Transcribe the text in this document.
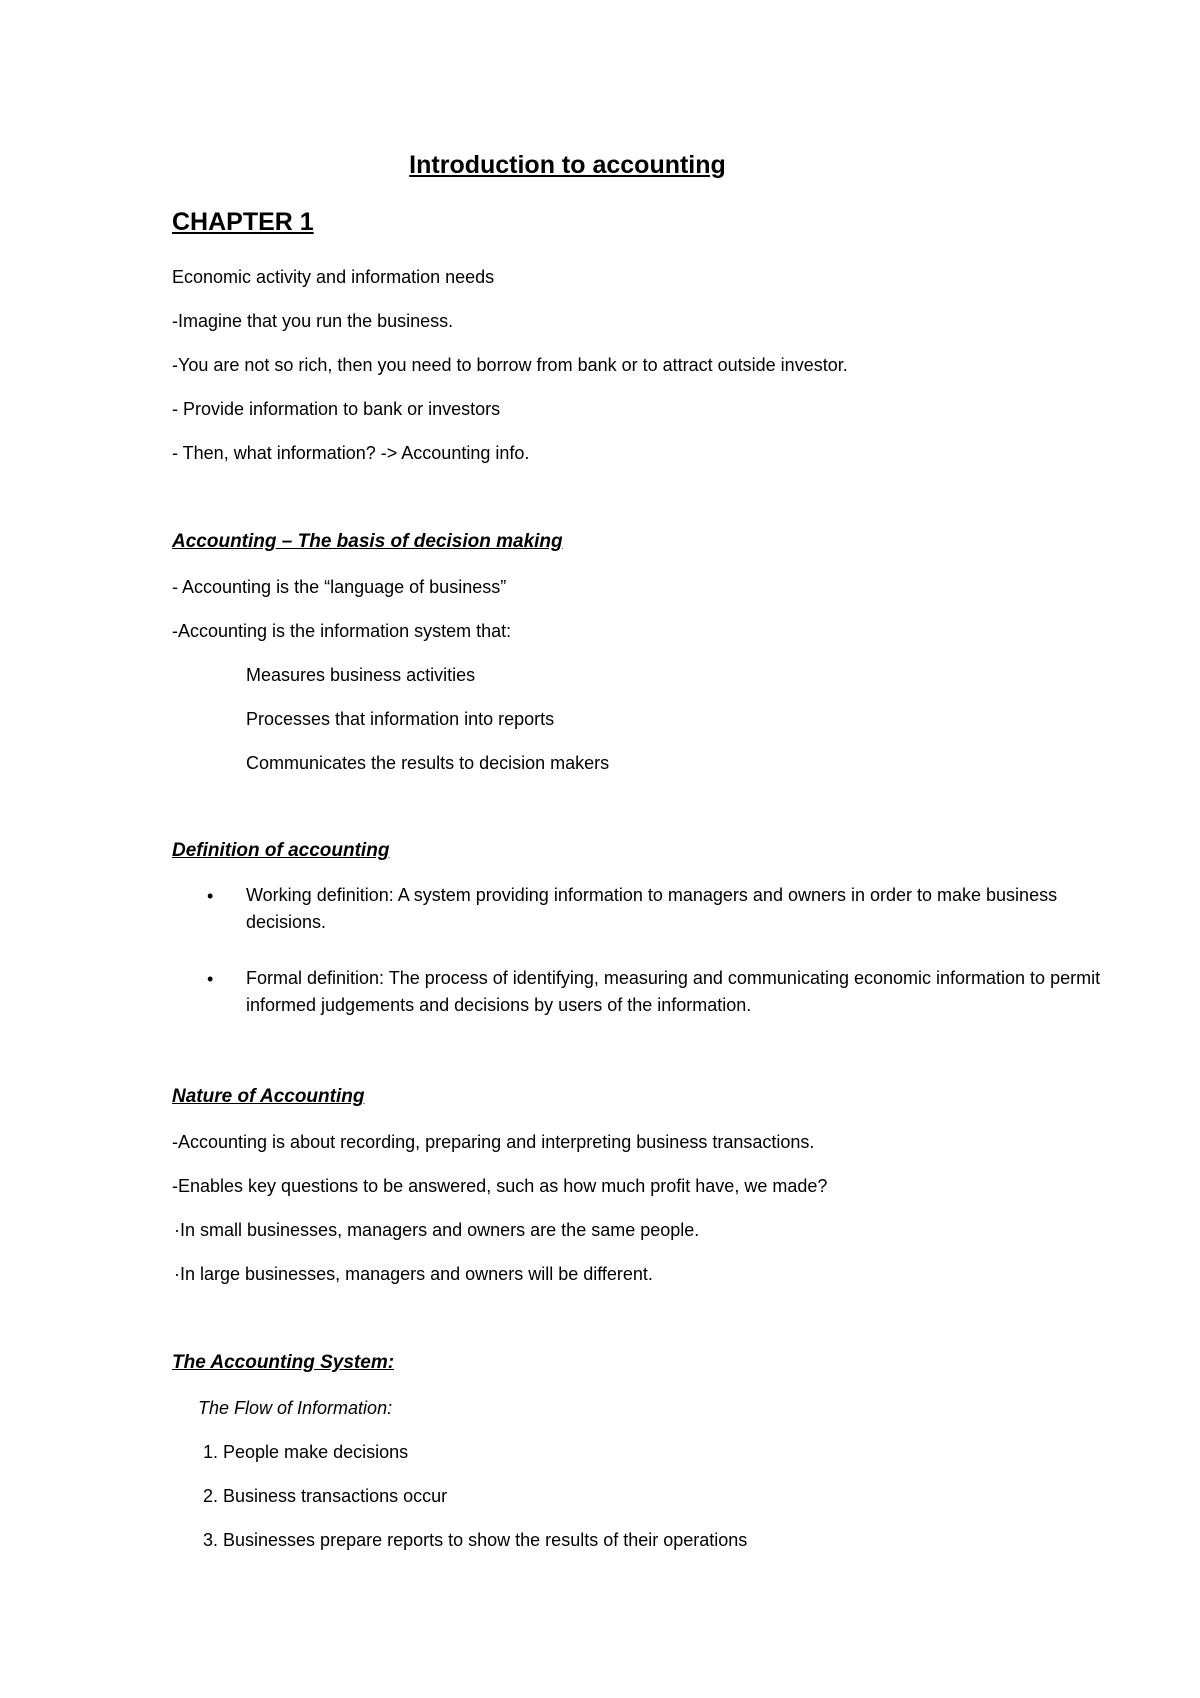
Introduction to accounting
CHAPTER 1

Economic activity and information needs

-Imagine that you run the business.

-You are not so rich, then you need to borrow from bank or to attract outside investor.

- Provide information to bank or investors

- Then, what information? -> Accounting info.

Accounting – The basis of decision making

- Accounting is the “language of business”

-Accounting is the information system that:

Measures business activities

Processes that information into reports

Communicates the results to decision makers

Definition of accounting
• Working definition: A system providing information to managers and owners in order to make business decisions.

• Formal definition: The process of identifying, measuring and communicating economic information to permit informed judgements and decisions by users of the information.

Nature of Accounting

-Accounting is about recording, preparing and interpreting business transactions.

-Enables key questions to be answered, such as how much profit have, we made?

·In small businesses, managers and owners are the same people.

·In large businesses, managers and owners will be different.

The Accounting System:

The Flow of Information:

1. People make decisions

2. Business transactions occur

3. Businesses prepare reports to show the results of their operations
